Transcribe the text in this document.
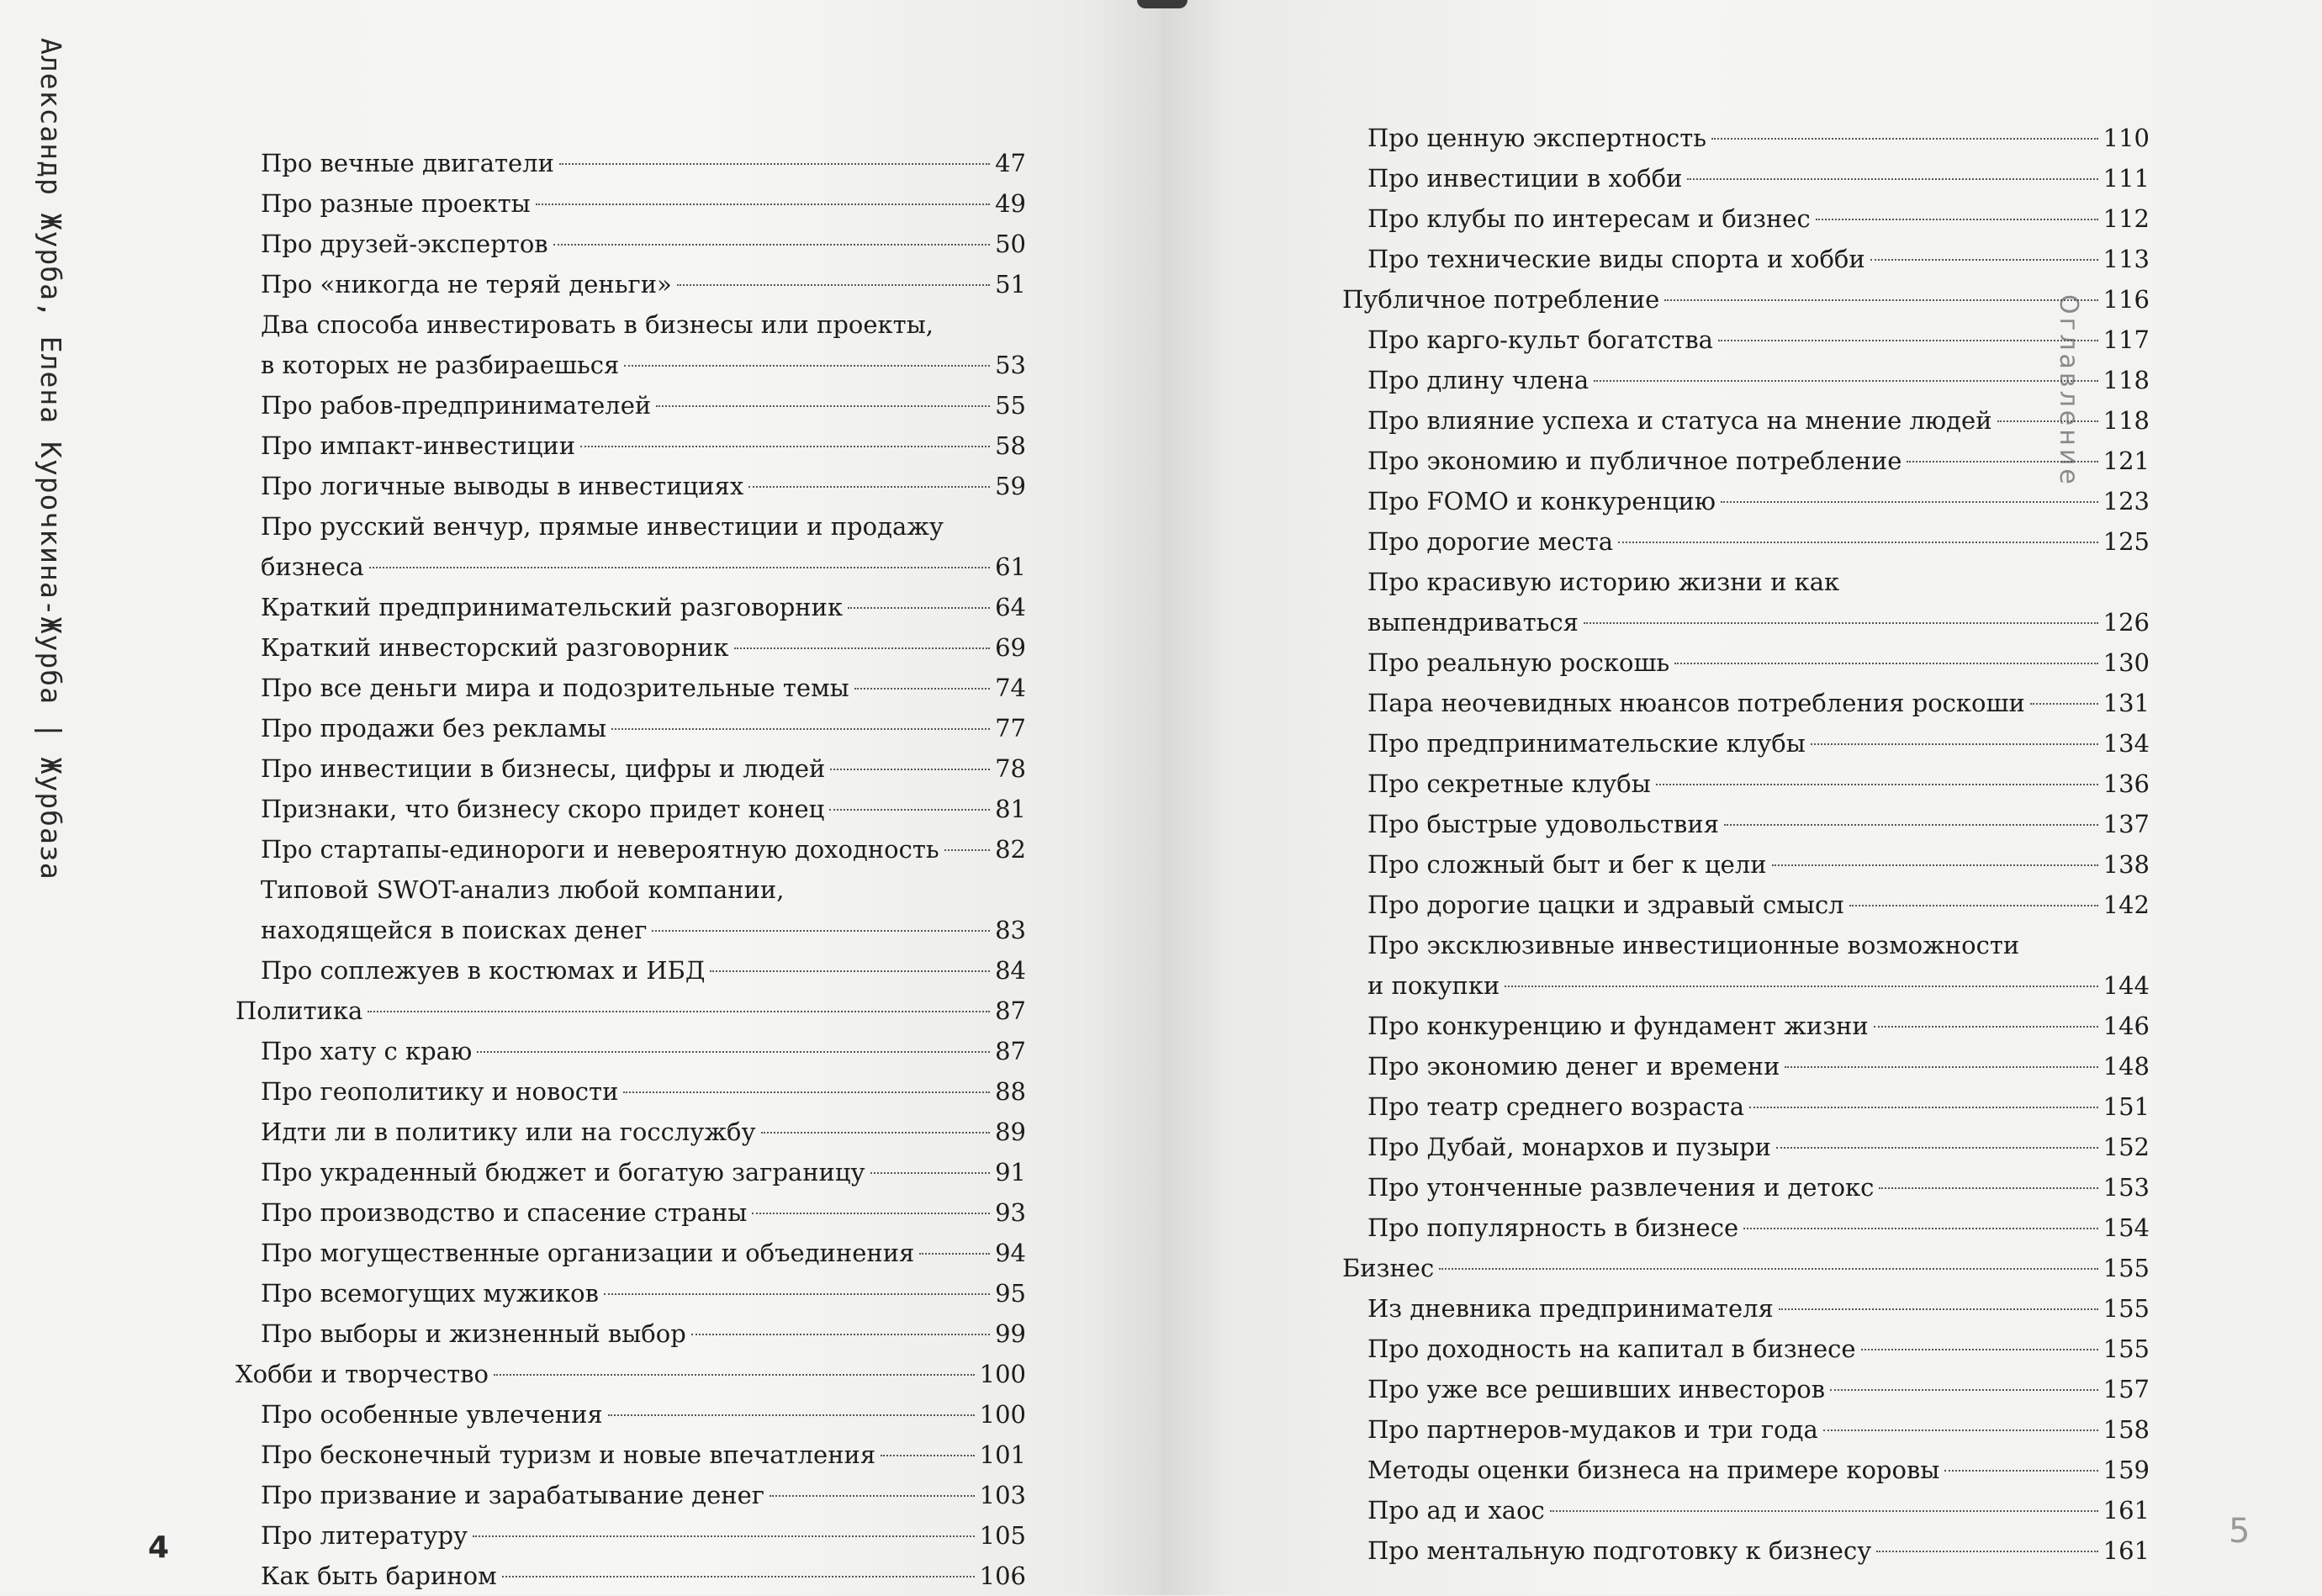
Александр Журба, Елена Курочкина-Журба | Журбаза	Оглавление
4	5
Про вечные двигатели	47
Про разные проекты	49
Про друзей-экспертов	50
Про «никогда не теряй деньги»	51
Два способа инвестировать в бизнесы или проекты,
в которых не разбираешься	53
Про рабов-предпринимателей	55
Про импакт-инвестиции	58
Про логичные выводы в инвестициях	59
Про русский венчур, прямые инвестиции и продажу
бизнеса	61
Краткий предпринимательский разговорник	64
Краткий инвесторский разговорник	69
Про все деньги мира и подозрительные темы	74
Про продажи без рекламы	77
Про инвестиции в бизнесы, цифры и людей	78
Признаки, что бизнесу скоро придет конец	81
Про стартапы-единороги и невероятную доходность 82
Типовой SWOT-анализ любой компании,
находящейся в поисках денег	83
Про соплежуев в костюмах и ИБД	84
Политика	87
Про хату с краю	87
Про геополитику и новости	88
Идти ли в политику или на госслужбу	89
Про украденный бюджет и богатую заграницу	91
Про производство и спасение страны	93
Про могущественные организации и объединения	94
Про всемогущих мужиков	95
Про выборы и жизненный выбор	99
Хобби и творчество	100
Про особенные увлечения	100
Про бесконечный туризм и новые впечатления	101
Про призвание и зарабатывание денег	103
Про литературу	105
Как быть барином	106
Про ценную экспертность	110
Про инвестиции в хобби	111
Про клубы по интересам и бизнес	112
Про технические виды спорта и хобби	113
Публичное потребление	116
Про карго-культ богатства	117
Про длину члена	118
Про влияние успеха и статуса на мнение людей	118
Про экономию и публичное потребление	121
Про FOMO и конкуренцию	123
Про дорогие места	125
Про красивую историю жизни и как
выпендриваться	126
Про реальную роскошь	130
Пара неочевидных нюансов потребления роскоши	131
Про предпринимательские клубы	134
Про секретные клубы	136
Про быстрые удовольствия	137
Про сложный быт и бег к цели	138
Про дорогие цацки и здравый смысл	142
Про эксклюзивные инвестиционные возможности
и покупки	144
Про конкуренцию и фундамент жизни	146
Про экономию денег и времени	148
Про театр среднего возраста	151
Про Дубай, монархов и пузыри	152
Про утонченные развлечения и детокс	153
Про популярность в бизнесе	154
Бизнес	155
Из дневника предпринимателя	155
Про доходность на капитал в бизнесе	155
Про уже все решивших инвесторов	157
Про партнеров-мудаков и три года	158
Методы оценки бизнеса на примере коровы	159
Про ад и хаос	161
Про ментальную подготовку к бизнесу	161
